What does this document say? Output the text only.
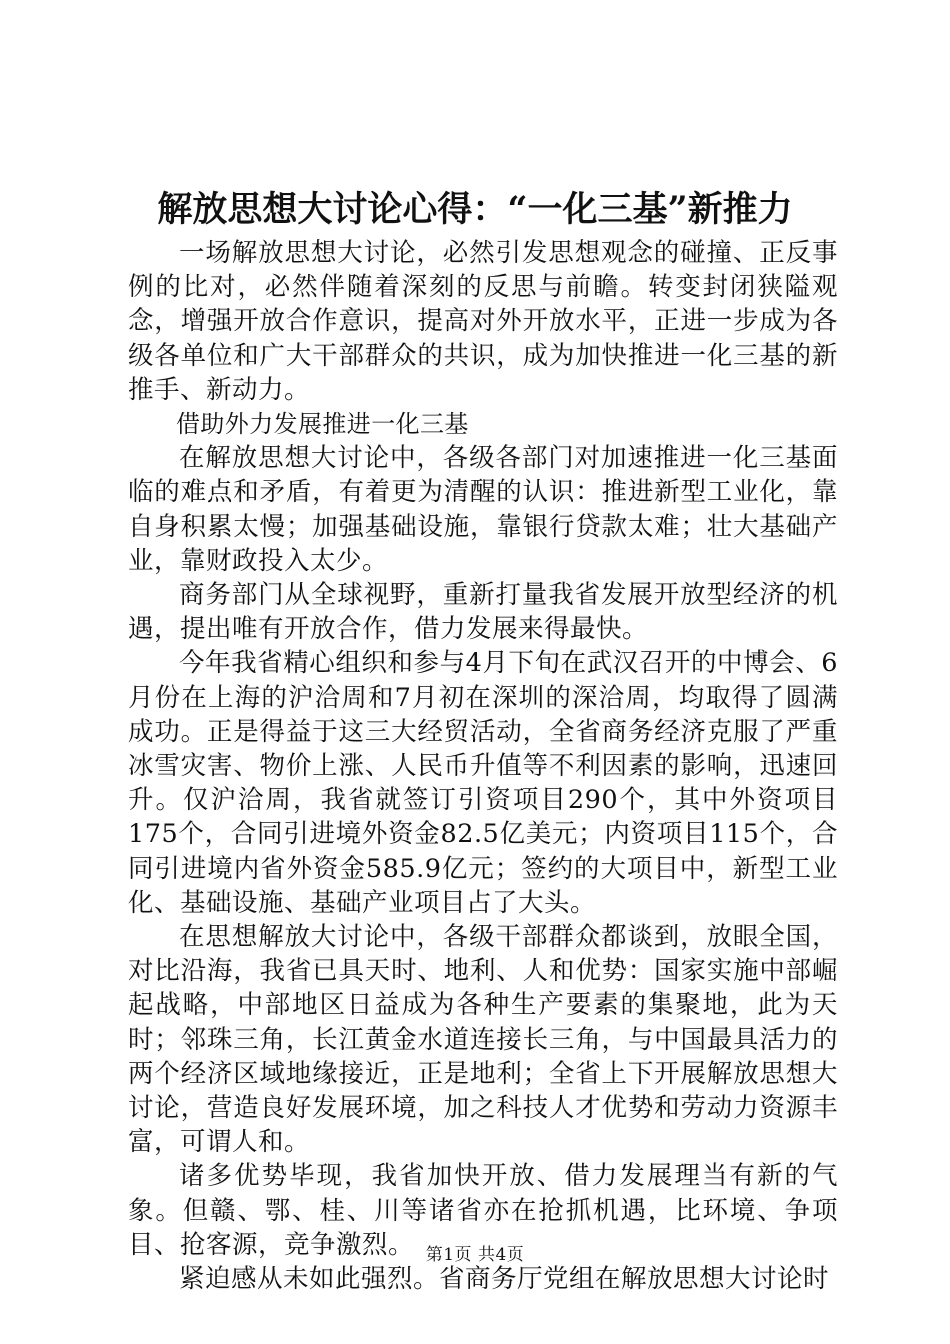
解放思想大讨论心得：“一化三基”新推力

一场解放思想大讨论，必然引发思想观念的碰撞、正反事例的比对，必然伴随着深刻的反思与前瞻。转变封闭狭隘观念，增强开放合作意识，提高对外开放水平，正进一步成为各级各单位和广大干部群众的共识，成为加快推进一化三基的新推手、新动力。

借助外力发展推进一化三基

在解放思想大讨论中，各级各部门对加速推进一化三基面临的难点和矛盾，有着更为清醒的认识：推进新型工业化，靠自身积累太慢；加强基础设施，靠银行贷款太难；壮大基础产业，靠财政投入太少。

商务部门从全球视野，重新打量我省发展开放型经济的机遇，提出唯有开放合作，借力发展来得最快。

今年我省精心组织和参与4月下旬在武汉召开的中博会、6月份在上海的沪洽周和7月初在深圳的深洽周，均取得了圆满成功。正是得益于这三大经贸活动，全省商务经济克服了严重冰雪灾害、物价上涨、人民币升值等不利因素的影响，迅速回升。仅沪洽周，我省就签订引资项目290个，其中外资项目175个，合同引进境外资金82.5亿美元；内资项目115个，合同引进境内省外资金585.9亿元；签约的大项目中，新型工业化、基础设施、基础产业项目占了大头。

在思想解放大讨论中，各级干部群众都谈到，放眼全国，对比沿海，我省已具天时、地利、人和优势：国家实施中部崛起战略，中部地区日益成为各种生产要素的集聚地，此为天时；邻珠三角，长江黄金水道连接长三角，与中国最具活力的两个经济区域地缘接近，正是地利；全省上下开展解放思想大讨论，营造良好发展环境，加之科技人才优势和劳动力资源丰富，可谓人和。

诸多优势毕现，我省加快开放、借力发展理当有新的气象。但赣、鄂、桂、川等诸省亦在抢抓机遇，比环境、争项目、抢客源，竞争激烈。

紧迫感从未如此强烈。省商务厅党组在解放思想大讨论时

第1页 共4页
